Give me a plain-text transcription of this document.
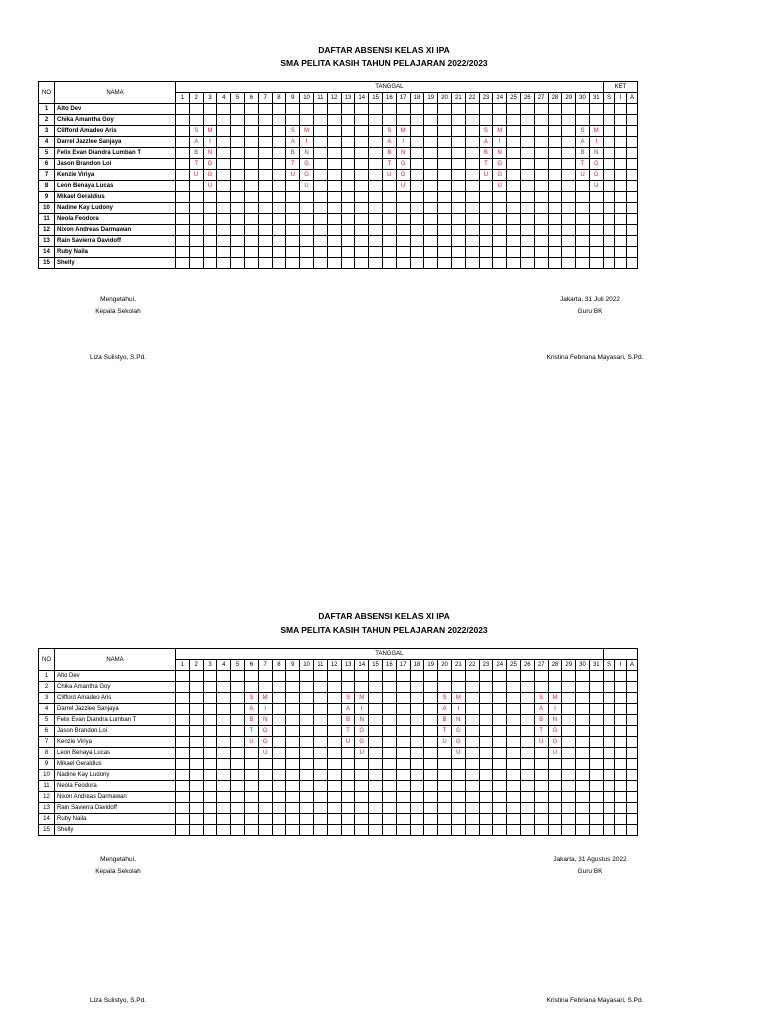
DAFTAR ABSENSI KELAS XI IPA
SMA PELITA KASIH TAHUN PELAJARAN 2022/2023
NO	NAMA	TANGGAL																															KET		
		1	2	3	4	5	6	7	8	9	10	11	12	13	14	15	16	17	18	19	20	21	22	23	24	25	26	27	28	29	30	31	S	I	A
1	Alto Dev																																		
2	Chika Amantha Goy																																		
3	Clifford Amadeo Aris		S	M						S	M						S	M						S	M						S	M			
4	Darrel Jazzlee Sanjaya		A	I						A	I						A	I						A	I						A	I			
5	Felix Evan Diandra Lumban T		B	N						B	N						B	N						B	N						B	N			
6	Jason Brandon Loi		T	G						T	G						T	G						T	G						T	G			
7	Kenzie Viriya		U	G						U	G						U	G						U	G						U	G			
8	Leon Benaya Lucas			U							U							U							U							U			
9	Mikael Geraldius																																		
10	Nadine Kay Ludony																																		
11	Neola Feodora																																		
12	Nixon Andreas Darmawan																																		
13	Rain Savierra Davidoff																																		
14	Ruby Naila																																		
15	Shelly																																		
Mengetahui,
Kepala Sekolah
Liza Sulistyo, S.Pd.
Jakarta, 31 Juli 2022
Guru BK
Kristina Febriana Mayasari, S.Pd.
DAFTAR ABSENSI KELAS XI IPA
SMA PELITA KASIH TAHUN PELAJARAN 2022/2023
NO	NAMA	TANGGAL																																	
		1	2	3	4	5	6	7	8	9	10	11	12	13	14	15	16	17	18	19	20	21	22	23	24	25	26	27	28	29	30	31	S	I	A
1	Alto Dev																																		
2	Chika Amantha Goy																																		
3	Clifford Amadeo Aris						S	M						S	M						S	M						S	M						
4	Darrel Jazzlee Sanjaya						A	I						A	I						A	I						A	I						
5	Felix Evan Diandra Lumban T						B	N						B	N						B	N						B	N						
6	Jason Brandon Loi						T	G						T	G						T	G						T	G						
7	Kenzie Viriya						U	G						U	G						U	G						U	G						
8	Leon Benaya Lucas							U							U							U							U						
9	Mikael Geraldius																																		
10	Nadine Kay Ludony																																		
11	Neola Feodora																																		
12	Nixon Andreas Darmawan																																		
13	Rain Savierra Davidoff																																		
14	Ruby Naila																																		
15	Shelly																																		
Mengetahui,
Kepala Sekolah
Liza Sulistyo, S.Pd.
Jakarta, 31 Agustus 2022
Guru BK
Kristina Febriana Mayasari, S.Pd.
